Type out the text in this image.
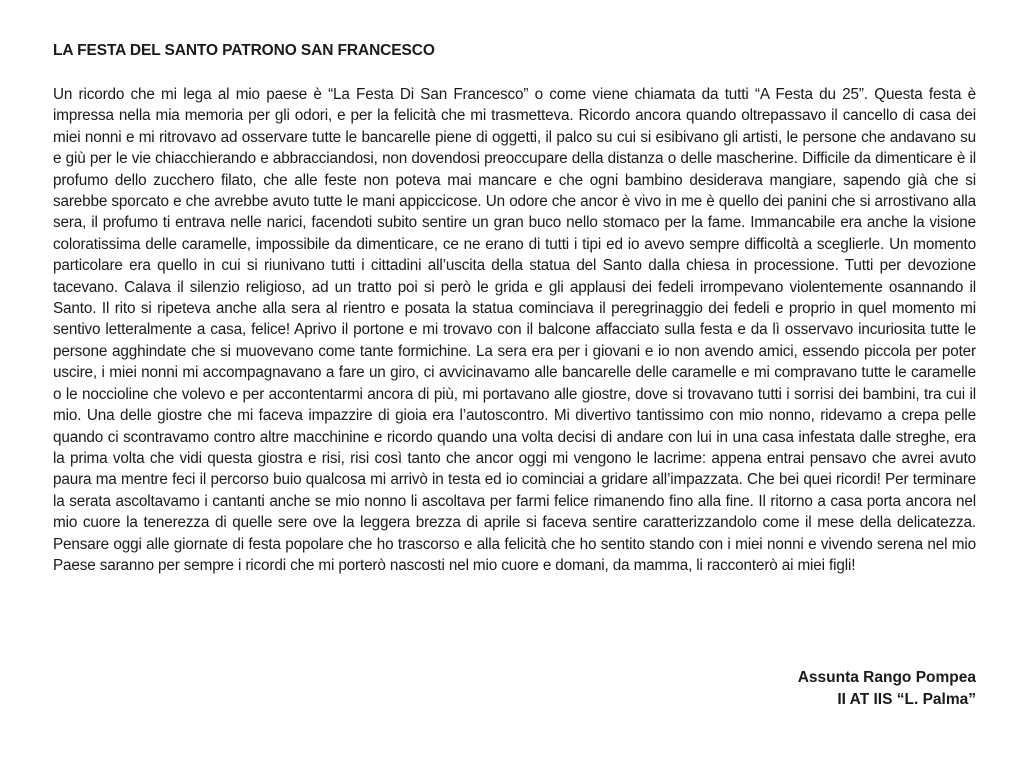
LA FESTA DEL SANTO PATRONO SAN FRANCESCO

Un ricordo che mi lega al mio paese è “La Festa Di San Francesco” o come viene chiamata da tutti “A Festa du 25”. Questa festa è impressa nella mia memoria per gli odori, e per la felicità che mi trasmetteva. Ricordo ancora quando oltrepassavo il cancello di casa dei miei nonni e mi ritrovavo ad osservare tutte le bancarelle piene di oggetti, il palco su cui si esibivano gli artisti, le persone che andavano su e giù per le vie chiacchierando e abbracciandosi, non dovendosi preoccupare della distanza o delle mascherine. Difficile da dimenticare è il profumo dello zucchero filato, che alle feste non poteva mai mancare e che ogni bambino desiderava mangiare, sapendo già che si sarebbe sporcato e che avrebbe avuto tutte le mani appiccicose. Un odore che ancor è vivo in me è quello dei panini che si arrostivano alla sera, il profumo ti entrava nelle narici, facendoti subito sentire un gran buco nello stomaco per la fame. Immancabile era anche la visione coloratissima delle caramelle, impossibile da dimenticare, ce ne erano di tutti i tipi ed io avevo sempre difficoltà a sceglierle. Un momento particolare era quello in cui si riunivano tutti i cittadini all’uscita della statua del Santo dalla chiesa in processione. Tutti per devozione tacevano. Calava il silenzio religioso, ad un tratto poi si però le grida e gli applausi dei fedeli irrompevano violentemente osannando il Santo. Il rito si ripeteva anche alla sera al rientro e posata la statua cominciava il peregrinaggio dei fedeli e proprio in quel momento mi sentivo letteralmente a casa, felice! Aprivo il portone e mi trovavo con il balcone affacciato sulla festa e da lì osservavo incuriosita tutte le persone agghindate che si muovevano come tante formichine. La sera era per i giovani e io non avendo amici, essendo piccola per poter uscire, i miei nonni mi accompagnavano a fare un giro, ci avvicinavamo alle bancarelle delle caramelle e mi compravano tutte le caramelle o le noccioline che volevo e per accontentarmi ancora di più, mi portavano alle giostre, dove si trovavano tutti i sorrisi dei bambini, tra cui il mio. Una delle giostre che mi faceva impazzire di gioia era l’autoscontro. Mi divertivo tantissimo con mio nonno, ridevamo a crepa pelle quando ci scontravamo contro altre macchinine e ricordo quando una volta decisi di andare con lui in una casa infestata dalle streghe, era la prima volta che vidi questa giostra e risi, risi così tanto che ancor oggi mi vengono le lacrime: appena entrai pensavo che avrei avuto paura ma mentre feci il percorso buio qualcosa mi arrivò in testa ed io cominciai a gridare all’impazzata. Che bei quei ricordi! Per terminare la serata ascoltavamo i cantanti anche se mio nonno li ascoltava per farmi felice rimanendo fino alla fine. Il ritorno a casa porta ancora nel mio cuore la tenerezza di quelle sere ove la leggera brezza di aprile si faceva sentire caratterizzandolo come il mese della delicatezza. Pensare oggi alle giornate di festa popolare che ho trascorso e alla felicità che ho sentito stando con i miei nonni e vivendo serena nel mio Paese saranno per sempre i ricordi che mi porterò nascosti nel mio cuore e domani, da mamma, li racconterò ai miei figli!

Assunta Rango Pompea
II AT IIS “L. Palma”
